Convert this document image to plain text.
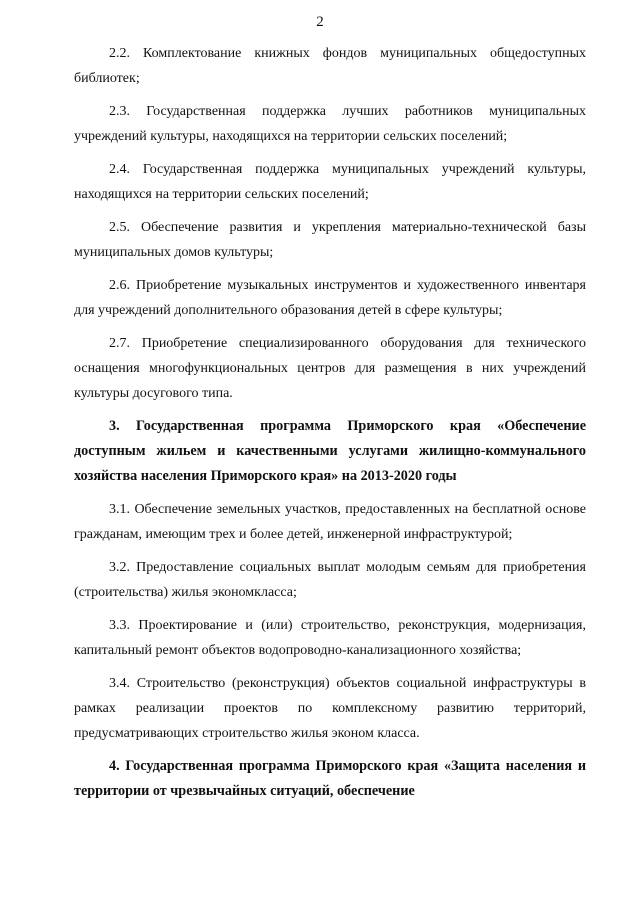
2

2.2. Комплектование книжных фондов муниципальных общедоступных библиотек;

2.3. Государственная поддержка лучших работников муниципальных учреждений культуры, находящихся на территории сельских поселений;

2.4. Государственная поддержка муниципальных учреждений культуры, находящихся на территории сельских поселений;

2.5. Обеспечение развития и укрепления материально-технической базы муниципальных домов культуры;

2.6. Приобретение музыкальных инструментов и художественного инвентаря для учреждений дополнительного образования детей в сфере культуры;

2.7. Приобретение специализированного оборудования для технического оснащения многофункциональных центров для размещения в них учреждений культуры досугового типа.

3. Государственная программа Приморского края «Обеспечение доступным жильем и качественными услугами жилищно-коммунального хозяйства населения Приморского края» на 2013-2020 годы

3.1. Обеспечение земельных участков, предоставленных на бесплатной основе гражданам, имеющим трех и более детей, инженерной инфраструктурой;

3.2. Предоставление социальных выплат молодым семьям для приобретения (строительства) жилья экономкласса;

3.3. Проектирование и (или) строительство, реконструкция, модернизация, капитальный ремонт объектов водопроводно-канализационного хозяйства;

3.4. Строительство (реконструкция) объектов социальной инфраструктуры в рамках реализации проектов по комплексному развитию территорий, предусматривающих строительство жилья эконом класса.

4. Государственная программа Приморского края «Защита населения и территории от чрезвычайных ситуаций, обеспечение
